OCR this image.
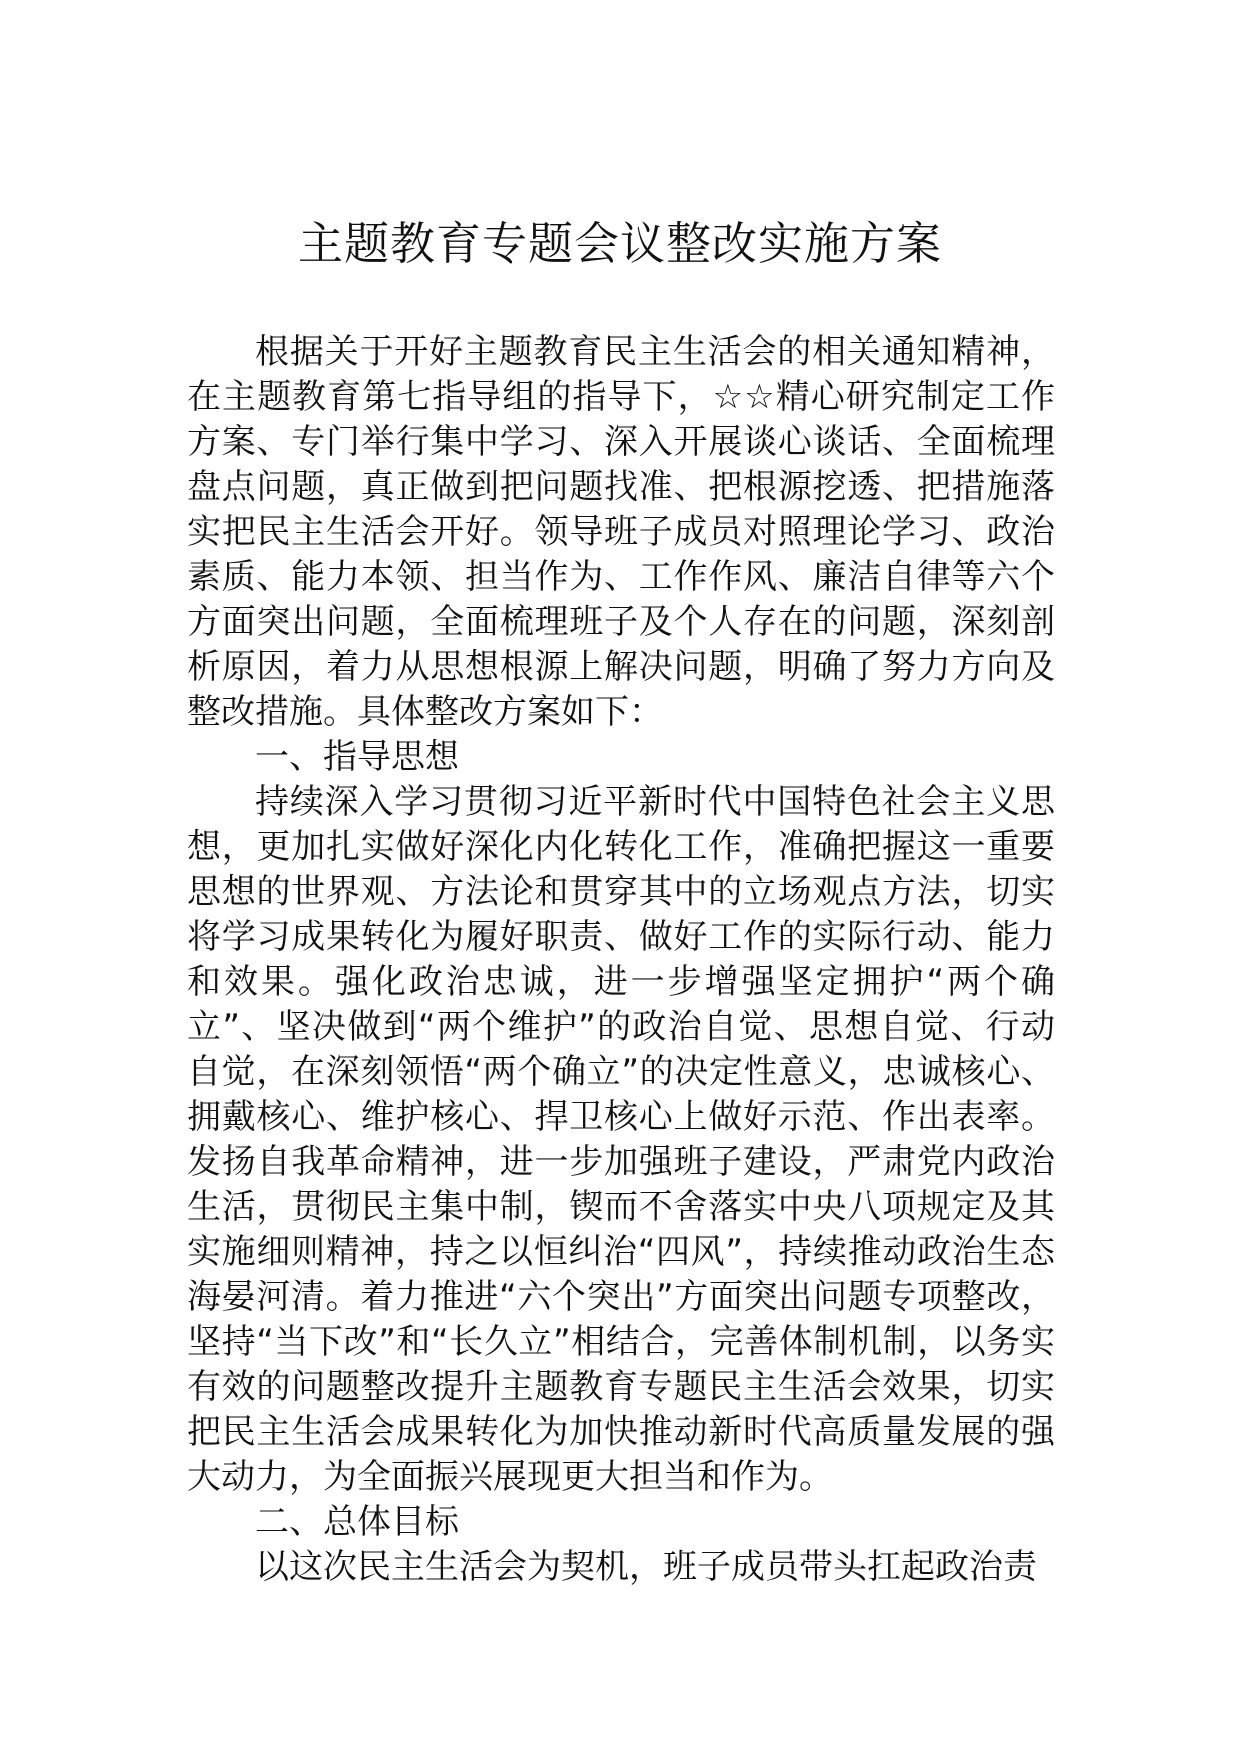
主题教育专题会议整改实施方案

根据关于开好主题教育民主生活会的相关通知精神，在主题教育第七指导组的指导下，☆☆精心研究制定工作方案、专门举行集中学习、深入开展谈心谈话、全面梳理盘点问题，真正做到把问题找准、把根源挖透、把措施落实把民主生活会开好。领导班子成员对照理论学习、政治素质、能力本领、担当作为、工作作风、廉洁自律等六个方面突出问题，全面梳理班子及个人存在的问题，深刻剖析原因，着力从思想根源上解决问题，明确了努力方向及整改措施。具体整改方案如下：

一、指导思想

持续深入学习贯彻习近平新时代中国特色社会主义思想，更加扎实做好深化内化转化工作，准确把握这一重要思想的世界观、方法论和贯穿其中的立场观点方法，切实将学习成果转化为履好职责、做好工作的实际行动、能力和效果。强化政治忠诚，进一步增强坚定拥护“两个确立”、坚决做到“两个维护”的政治自觉、思想自觉、行动自觉，在深刻领悟“两个确立”的决定性意义，忠诚核心、拥戴核心、维护核心、捍卫核心上做好示范、作出表率。发扬自我革命精神，进一步加强班子建设，严肃党内政治生活，贯彻民主集中制，锲而不舍落实中央八项规定及其实施细则精神，持之以恒纠治“四风”，持续推动政治生态海晏河清。着力推进“六个突出”方面突出问题专项整改，坚持“当下改”和“长久立”相结合，完善体制机制，以务实有效的问题整改提升主题教育专题民主生活会效果，切实把民主生活会成果转化为加快推动新时代高质量发展的强大动力，为全面振兴展现更大担当和作为。

二、总体目标

以这次民主生活会为契机，班子成员带头扛起政治责
